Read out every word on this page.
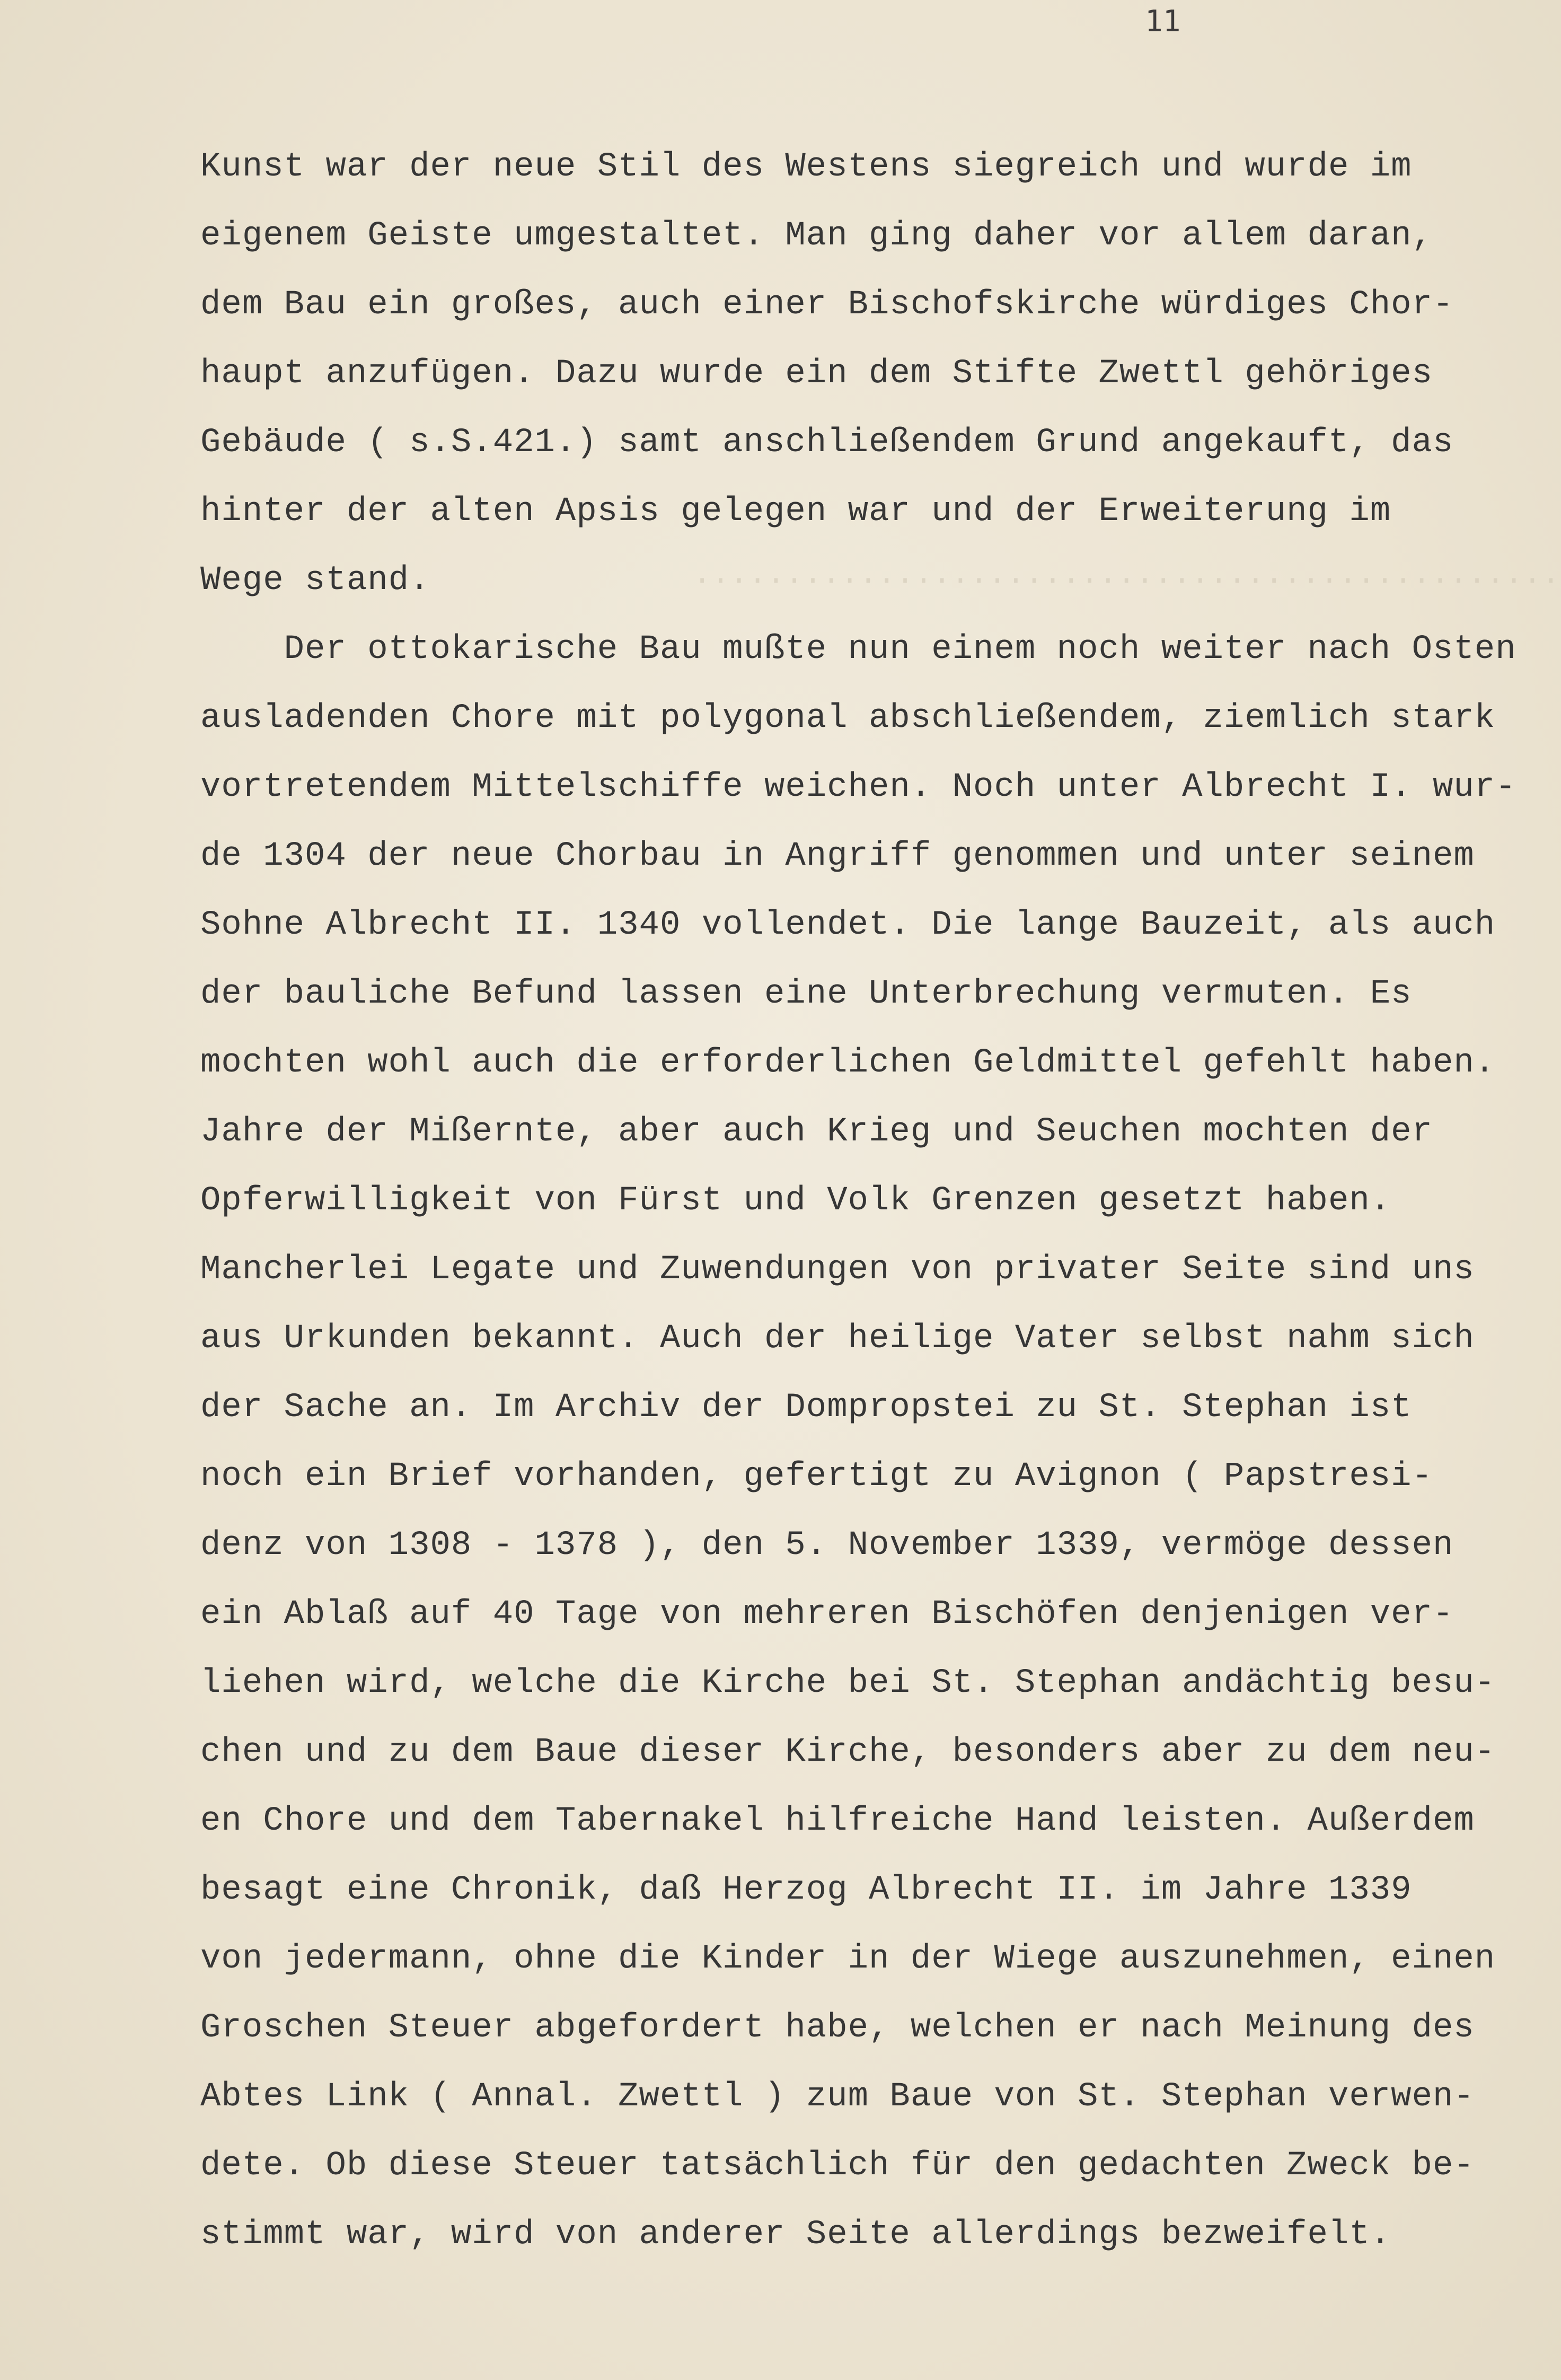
11
...............................................
Kunst war der neue Stil des Westens siegreich und wurde im
eigenem Geiste umgestaltet. Man ging daher vor allem daran,
dem Bau ein großes, auch einer Bischofskirche würdiges Chor-
haupt anzufügen. Dazu wurde ein dem Stifte Zwettl gehöriges
Gebäude ( s.S.421.) samt anschließendem Grund angekauft, das
hinter der alten Apsis gelegen war und der Erweiterung im
Wege stand.
Der ottokarische Bau mußte nun einem noch weiter nach Osten
ausladenden Chore mit polygonal abschließendem, ziemlich stark
vortretendem Mittelschiffe weichen. Noch unter Albrecht I. wur-
de 1304 der neue Chorbau in Angriff genommen und unter seinem
Sohne Albrecht II. 1340 vollendet. Die lange Bauzeit, als auch
der bauliche Befund lassen eine Unterbrechung vermuten. Es
mochten wohl auch die erforderlichen Geldmittel gefehlt haben.
Jahre der Mißernte, aber auch Krieg und Seuchen mochten der
Opferwilligkeit von Fürst und Volk Grenzen gesetzt haben.
Mancherlei Legate und Zuwendungen von privater Seite sind uns
aus Urkunden bekannt. Auch der heilige Vater selbst nahm sich
der Sache an. Im Archiv der Dompropstei zu St. Stephan ist
noch ein Brief vorhanden, gefertigt zu Avignon ( Papstresi-
denz von 1308 - 1378 ), den 5. November 1339, vermöge dessen
ein Ablaß auf 40 Tage von mehreren Bischöfen denjenigen ver-
liehen wird, welche die Kirche bei St. Stephan andächtig besu-
chen und zu dem Baue dieser Kirche, besonders aber zu dem neu-
en Chore und dem Tabernakel hilfreiche Hand leisten. Außerdem
besagt eine Chronik, daß Herzog Albrecht II. im Jahre 1339
von jedermann, ohne die Kinder in der Wiege auszunehmen, einen
Groschen Steuer abgefordert habe, welchen er nach Meinung des
Abtes Link ( Annal. Zwettl ) zum Baue von St. Stephan verwen-
dete. Ob diese Steuer tatsächlich für den gedachten Zweck be-
stimmt war, wird von anderer Seite allerdings bezweifelt.
